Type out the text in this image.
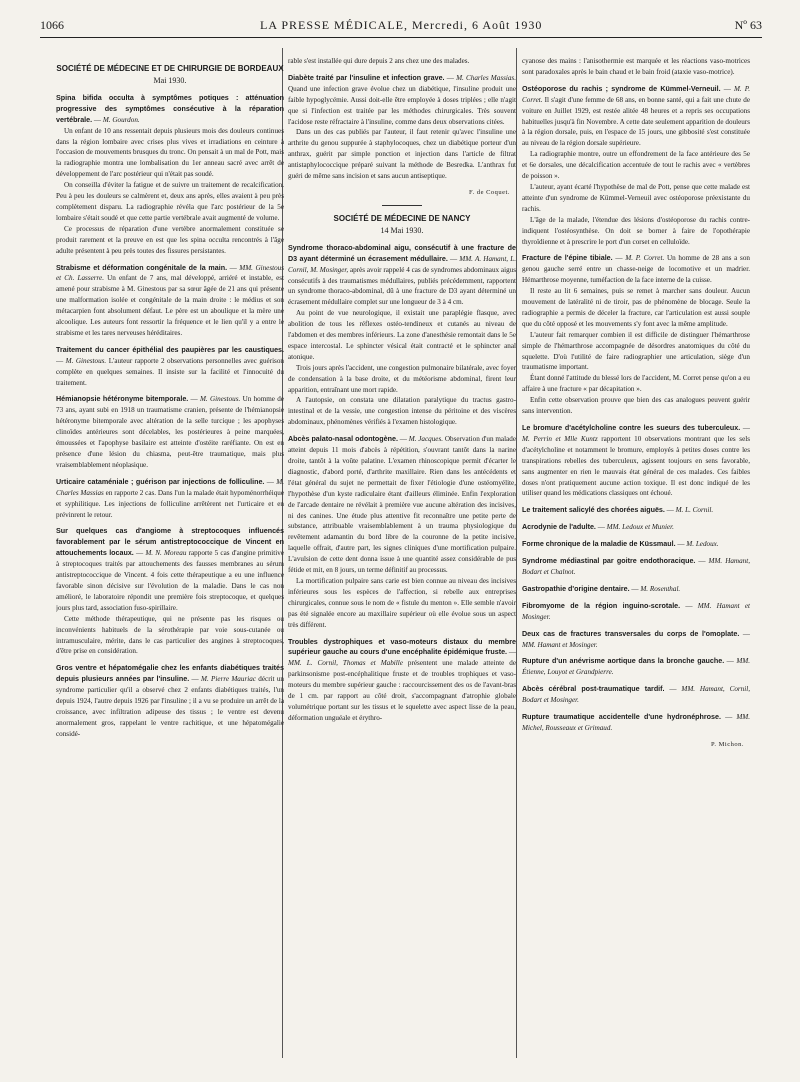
1066	LA PRESSE MÉDICALE, Mercredi, 6 Août 1930	Nº 63
SOCIÉTÉ DE MÉDECINE ET DE CHIRURGIE DE BORDEAUX
Mai 1930.

Spina bifida occulta à symptômes potiques : atténuation progressive des symptômes consécutive à la réparation vertébrale. — M. Gourdon.

Un enfant de 10 ans ressentait depuis plusieurs mois des douleurs continues dans la région lombaire avec crises plus vives et irradiations en ceinture à l'occasion de mouvements brusques du tronc. On pensait à un mal de Pott, mais la radiographie montra une lombalisation du 1er anneau sacré avec arrêt de développement de l'arc postérieur qui n'était pas soudé.

On conseilla d'éviter la fatigue et de suivre un traitement de recalcification. Peu à peu les douleurs se calmèrent et, deux ans après, elles avaient à peu près complètement disparu. La radiographie révéla que l'arc postérieur de la 5e lombaire s'était soudé et que cette partie vertébrale avait augmenté de volume.

Ce processus de réparation d'une vertèbre anormalement constituée se produit rarement et la preuve en est que les spina occulta rencontrés à l'âge adulte présentent à peu près toutes des fissures persistantes.

Strabisme et déformation congénitale de la main. — MM. Ginestous et Ch. Lasserre. Un enfant de 7 ans, mal développé, arriéré et instable, est amené pour strabisme à M. Ginestous par sa sœur âgée de 21 ans qui présente une malformation isolée et congénitale de la main droite : le médius et son métacarpien font absolument défaut. Le père est un aboulique et la mère une alcoolique. Les auteurs font ressortir la fréquence et le lien qu'il y a entre le strabisme et les tares nerveuses héréditaires.

Traitement du cancer épithélial des paupières par les caustiques. — M. Ginestous. L'auteur rapporte 2 observations personnelles avec guérison complète en quelques semaines. Il insiste sur la facilité et l'innocuité du traitement.

Hémianopsie hétéronyme bitemporale. — M. Ginestous. Un homme de 73 ans, ayant subi en 1918 un traumatisme cranien, présente de l'hémianopsie hétéronyme bitemporale avec altération de la selle turcique ; les apophyses clinoïdes antérieures sont décelables, les postérieures à peine marquées, émoussées et l'apophyse basilaire est atteinte d'ostéite raréfiante. On est en présence d'une lésion du chiasma, peut-être traumatique, mais plus vraisemblablement néoplasique.

Urticaire cataméniale ; guérison par injections de folliculine. — M. Charles Massias en rapporte 2 cas. Dans l'un la malade était hypoménorrhéique et syphilitique. Les injections de folliculine arrêtèrent net l'urticaire et en prévinrent le retour.

Sur quelques cas d'angiome à streptocoques influencés favorablement par le sérum antistreptococcique de Vincent en attouchements locaux. — M. N. Moreau rapporte 5 cas d'angine primitive à streptocoques traités par attouchements des fausses membranes au sérum antistreptococcique de Vincent. 4 fois cette thérapeutique a eu une influence favorable sinon décisive sur l'évolution de la maladie. Dans le cas non amélioré, le laboratoire répondit une première fois streptocoque, et quelques jours plus tard, association fuso-spirillaire.

Cette méthode thérapeutique, qui ne présente pas les risques ou inconvénients habituels de la sérothérapie par voie sous-cutanée ou intramusculaire, mérite, dans le cas particulier des angines à streptocoques, d'être prise en considération.

Gros ventre et hépatomégalie chez les enfants diabétiques traités depuis plusieurs années par l'insuline. — M. Pierre Mauriac décrit un syndrome particulier qu'il a observé chez 2 enfants diabétiques traités, l'un depuis 1924, l'autre depuis 1926 par l'insuline ; il a vu se produire un arrêt de la croissance, avec infiltration adipeuse des tissus ; le ventre est devenu anormalement gros, rappelant le ventre rachitique, et une hépatomégalie considé-

rable s'est installée qui dure depuis 2 ans chez une des malades.

Diabète traité par l'insuline et infection grave. — M. Charles Massias. Quand une infection grave évolue chez un diabétique, l'insuline produit une faible hypoglycémie. Aussi doit-elle être employée à doses triplées ; elle n'agit que si l'infection est traitée par les méthodes chirurgicales. Très souvent l'acidose reste réfractaire à l'insuline, comme dans deux observations citées.

Dans un des cas publiés par l'auteur, il faut retenir qu'avec l'insuline une arthrite du genou suppurée à staphylocoques, chez un diabétique porteur d'un anthrax, guérit par simple ponction et injection dans l'article de filtrat antistaphylococcique préparé suivant la méthode de Besredka. L'anthrax fut guéri de même sans incision et sans aucun antiseptique.

F. de Coquet.
SOCIÉTÉ DE MÉDECINE DE NANCY
14 Mai 1930.

Syndrome thoraco-abdominal aigu, consécutif à une fracture de D3 ayant déterminé un écrasement médullaire. — MM. A. Hamant, L. Cornil, M. Mosinger, après avoir rappelé 4 cas de syndromes abdominaux aigus consécutifs à des traumatismes médullaires, publiés précédemment, rapportent un syndrome thoraco-abdominal, dû à une fracture de D3 ayant déterminé un écrasement médullaire complet sur une longueur de 3 à 4 cm.

Au point de vue neurologique, il existait une paraplégie flasque, avec abolition de tous les réflexes ostéo-tendineux et cutanés au niveau de l'abdomen et des membres inférieurs. La zone d'anesthésie remontait dans le 5e espace intercostal. Le sphincter vésical était contracté et le sphincter anal atonique.

Trois jours après l'accident, une congestion pulmonaire bilatérale, avec foyer de condensation à la base droite, et du météorisme abdominal, firent leur apparition, entraînant une mort rapide.

A l'autopsie, on constata une dilatation paralytique du tractus gastro-intestinal et de la vessie, une congestion intense du péritoine et des viscères abdominaux, phénomènes vérifiés à l'examen histologique.

Abcès palato-nasal odontogène. — M. Jacques. Observation d'un malade atteint depuis 11 mois d'abcès à répétition, s'ouvrant tantôt dans la narine droite, tantôt à la voûte palatine. L'examen rhinoscopique permit d'écarter le diagnostic, d'abord porté, d'arthrite maxillaire. Rien dans les antécédents et l'état général du sujet ne permettait de fixer l'étiologie d'une ostéomyélite, l'hypothèse d'un kyste radiculaire étant d'ailleurs éliminée. Enfin l'exploration de l'arcade dentaire ne révélait à première vue aucune altération des incisives, ni des canines. Une étude plus attentive fit reconnaître une petite perte de substance, attribuable vraisemblablement à un trauma physiologique du revêtement adamantin du bord libre de la couronne de la petite incisive, laquelle offrait, d'autre part, les signes cliniques d'une mortification pulpaire. L'avulsion de cette dent donna issue à une quantité assez considérable de pus fétide et mit, en 8 jours, un terme définitif au processus.

La mortification pulpaire sans carie est bien connue au niveau des incisives inférieures sous les espèces de l'affection, si rebelle aux entreprises chirurgicales, connue sous le nom de « fistule du menton ». Elle semble n'avoir pas été signalée encore au maxillaire supérieur où elle évolue sous un aspect très différent.

Troubles dystrophiques et vaso-moteurs distaux du membre supérieur gauche au cours d'une encéphalite épidémique fruste. — MM. L. Cornil, Thomas et Mabille présentent une malade atteinte de parkinsonisme post-encéphalitique fruste et de troubles trophiques et vaso-moteurs du membre supérieur gauche : raccourcissement des os de l'avant-bras de 1 cm. par rapport au côté droit, s'accompagnant d'atrophie globale volumétrique portant sur les tissus et le squelette avec aspect lisse de la peau, déformation unguéale et érythro-

cyanose des mains : l'anisothermie est marquée et les réactions vaso-motrices sont paradoxales après le bain chaud et le bain froid (ataxie vaso-motrice).

Ostéoporose du rachis ; syndrome de Kümmel-Verneuil. — M. P. Corret. Il s'agit d'une femme de 68 ans, en bonne santé, qui a fait une chute de voiture en Juillet 1929, est restée alitée 48 heures et a repris ses occupations habituelles jusqu'à fin Novembre. A cette date seulement apparition de douleurs à la région dorsale, puis, en l'espace de 15 jours, une gibbosité s'est constituée au niveau de la région dorsale supérieure.

La radiographie montre, outre un effondrement de la face antérieure des 5e et 6e dorsales, une décalcification accentuée de tout le rachis avec « vertèbres de poisson ».

L'auteur, ayant écarté l'hypothèse de mal de Pott, pense que cette malade est atteinte d'un syndrome de Kümmel-Verneuil avec ostéoporose préexistante du rachis.

L'âge de la malade, l'étendue des lésions d'ostéoporose du rachis contre-indiquent l'ostéosynthèse. On doit se borner à faire de l'opothérapie thyroïdienne et à prescrire le port d'un corset en celluloïde.

Fracture de l'épine tibiale. — M. P. Corret. Un homme de 28 ans a son genou gauche serré entre un chasse-neige de locomotive et un madrier. Hémarthrose moyenne, tuméfaction de la face interne de la cuisse.

Il reste au lit 6 semaines, puis se remet à marcher sans douleur. Aucun mouvement de latéralité ni de tiroir, pas de phénomène de blocage. Seule la radiographie a permis de déceler la fracture, car l'articulation est aussi souple que du côté opposé et les mouvements s'y font avec la même amplitude.

L'auteur fait remarquer combien il est difficile de distinguer l'hémarthrose simple de l'hémarthrose accompagnée de désordres anatomiques du côté du squelette. D'où l'utilité de faire radiographier une articulation, siège d'un traumatisme important.

Étant donné l'attitude du blessé lors de l'accident, M. Corret pense qu'on a eu affaire à une fracture « par décapitation ».

Enfin cette observation prouve que bien des cas analogues peuvent guérir sans intervention.

Le bromure d'acétylcholine contre les sueurs des tuberculeux. — M. Perrin et Mlle Kuntz rapportent 10 observations montrant que les sels d'acétylcholine et notamment le bromure, employés à petites doses contre les transpirations rebelles des tuberculeux, agissent toujours en sens favorable, sans augmenter en rien le mauvais état général de ces malades. Ces faibles doses n'ont pratiquement aucune action toxique. Il est donc indiqué de les utiliser quand les médications classiques ont échoué.

Le traitement salicylé des chorées aiguës. — M. L. Cornil.

Acrodynie de l'adulte. — MM. Ledoux et Munier.

Forme chronique de la maladie de Küssmaul. — M. Ledoux.

Syndrome médiastinal par goitre endothoracique. — MM. Hamant, Bodart et Chalnot.

Gastropathie d'origine dentaire. — M. Rosenthal.

Fibromyome de la région inguino-scrotale. — MM. Hamant et Mosinger.

Deux cas de fractures transversales du corps de l'omoplate. — MM. Hamant et Mosinger.

Rupture d'un anévrisme aortique dans la bronche gauche. — MM. Étienne, Louyot et Grandpierre.

Abcès cérébral post-traumatique tardif. — MM. Hamant, Cornil, Bodart et Mosinger.

Rupture traumatique accidentelle d'une hydronéphrose. — MM. Michel, Rousseaux et Grimaud.

P. Michon.
